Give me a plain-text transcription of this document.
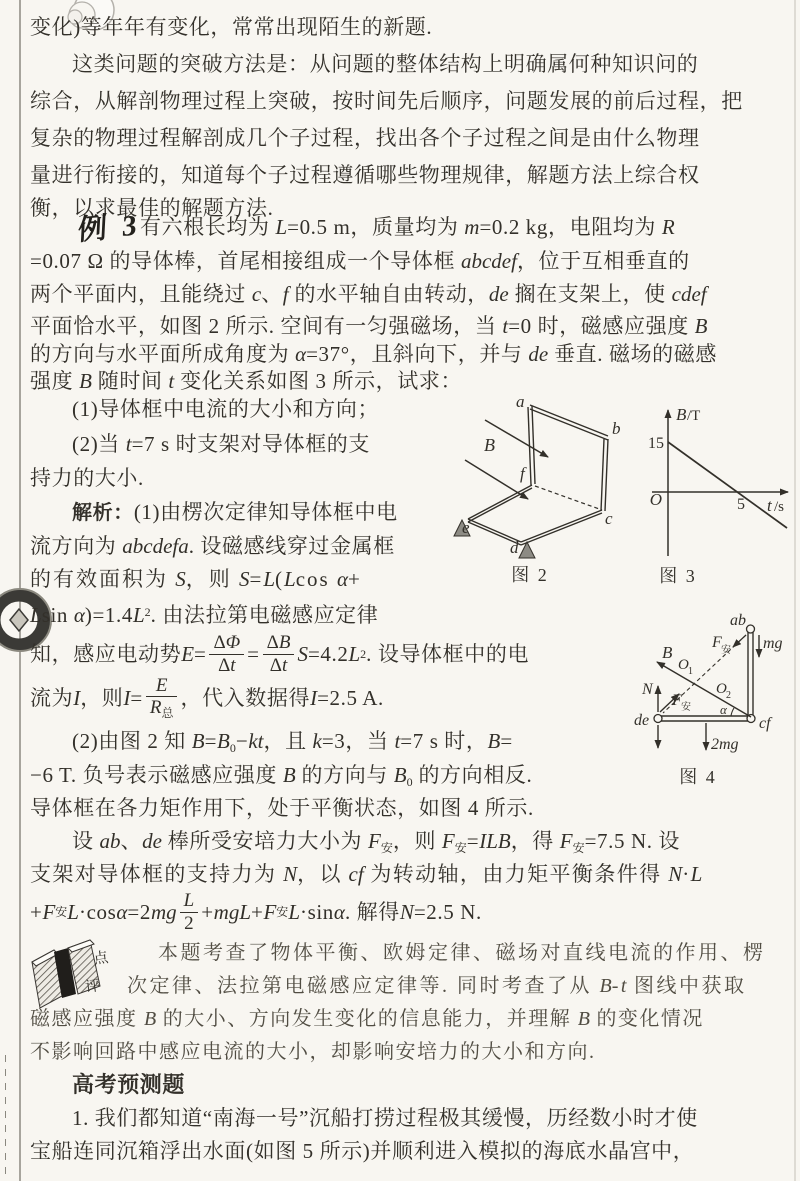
变化)等年年有变化，常常出现陌生的新题.
这类问题的突破方法是：从问题的整体结构上明确属何种知识问的
综合，从解剖物理过程上突破，按时间先后顺序，问题发展的前后过程，把
复杂的物理过程解剖成几个子过程，找出各个子过程之间是由什么物理
量进行衔接的，知道每个子过程遵循哪些物理规律，解题方法上综合权
衡，以求最佳的解题方法.
例 3
有六根长均为 L=0.5 m，质量均为 m=0.2 kg，电阻均为 R
=0.07 Ω 的导体棒，首尾相接组成一个导体框 abcdef，位于互相垂直的
两个平面内，且能绕过 c、f 的水平轴自由转动，de 搁在支架上，使 cdef
平面恰水平，如图 2 所示. 空间有一匀强磁场，当 t=0 时，磁感应强度 B
的方向与水平面所成角度为 α=37°，且斜向下，并与 de 垂直. 磁场的磁感
强度 B 随时间 t 变化关系如图 3 所示，试求：
(1)导体框中电流的大小和方向；
(2)当 t=7 s 时支架对导体框的支
持力的大小.
解析：(1)由楞次定律知导体框中电
流方向为 abcdefa. 设磁感线穿过金属框
的有效面积为 S，则 S=L(Lcos α+
Lsin $\alpha)=1.4L^2$. 由法拉第电磁感应定律
知，感应电动势 $E = \frac{\Delta\Phi}{\Delta t} = \frac{\Delta B}{\Delta t}$ S =4.2 L 2 . 设导体框中的电
流为 I ，则 $I = \frac{E}{R_总}$ ，代入数据得 I =2.5 A.
(2)由图 2 知 $B=B_0-kt$，且 k=3，当 t=7 s 时，B=
−6 T. 负号表示磁感应强度 B 的方向与 $B_0$ 的方向相反.
导体框在各力矩作用下，处于平衡状态，如图 4 所示.
设 ab、de 棒所受安培力大小为 $F_安$，则 $F_安=ILB$，得 $F_安=7.5$ N. 设
支架对导体框的支持力为 N，以 cf 为转动轴，由力矩平衡条件得 N·L
+ F 安 L ·cos α =2 mg $\frac{L}{2}$ + mgL + F 安 L ·sin α . 解得 N =2.5 N.
点
评
本题考查了物体平衡、欧姆定律、磁场对直线电流的作用、楞
次定律、法拉第电磁感应定律等. 同时考查了从 B-t 图线中获取
磁感应强度 B 的大小、方向发生变化的信息能力，并理解 B 的变化情况
不影响回路中感应电流的大小，却影响安培力的大小和方向.
高考预测题
1. 我们都知道“南海一号”沉船打捞过程极其缓慢，历经数小时才使
宝船连同沉箱浮出水面(如图 5 所示)并顺利进入模拟的海底水晶宫中，
a
b
c
d
e
f
B
图 2
15
O	5
B /T
t /s
图 3
ab
mg
F 安
B
O 1
O 2
N
F 安
de	cf
α
2mg
图 4
